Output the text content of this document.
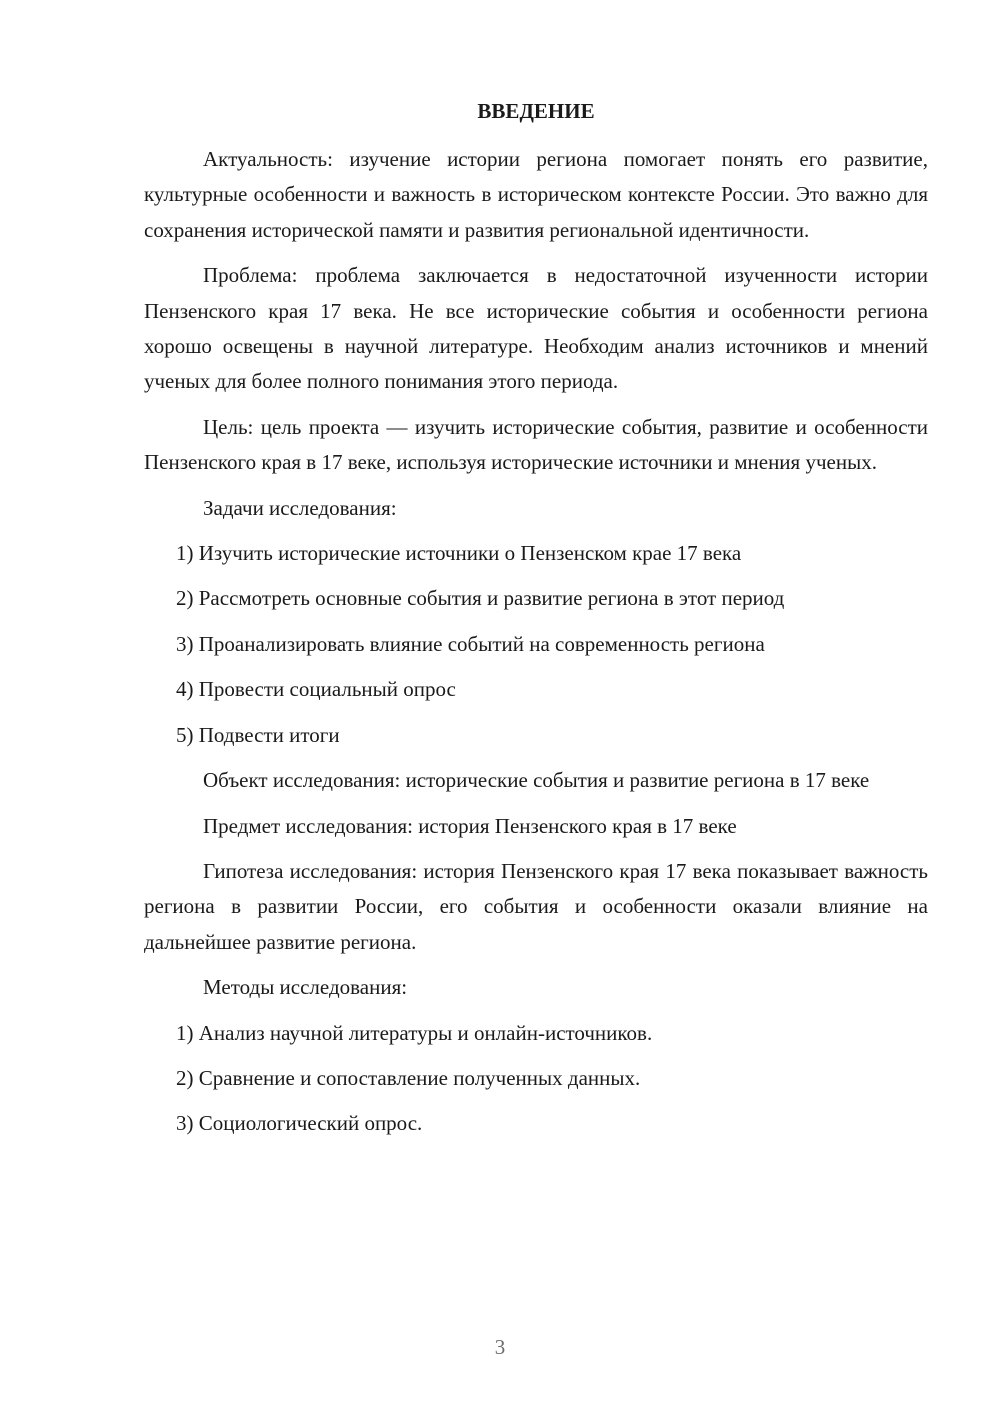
ВВЕДЕНИЕ

Актуальность: изучение истории региона помогает понять его развитие, культурные особенности и важность в историческом контексте России. Это важно для сохранения исторической памяти и развития региональной идентичности.

Проблема: проблема заключается в недостаточной изученности истории Пензенского края 17 века. Не все исторические события и особенности региона хорошо освещены в научной литературе. Необходим анализ источников и мнений ученых для более полного понимания этого периода.

Цель: цель проекта — изучить исторические события, развитие и особенности Пензенского края в 17 веке, используя исторические источники и мнения ученых.

Задачи исследования:

1) Изучить исторические источники о Пензенском крае 17 века
2) Рассмотреть основные события и развитие региона в этот период
3) Проанализировать влияние событий на современность региона
4) Провести социальный опрос
5) Подвести итоги

Объект исследования: исторические события и развитие региона в 17 веке

Предмет исследования: история Пензенского края в 17 веке

Гипотеза исследования: история Пензенского края 17 века показывает важность региона в развитии России, его события и особенности оказали влияние на дальнейшее развитие региона.

Методы исследования:

1) Анализ научной литературы и онлайн-источников.
2) Сравнение и сопоставление полученных данных.
3) Социологический опрос.
3
